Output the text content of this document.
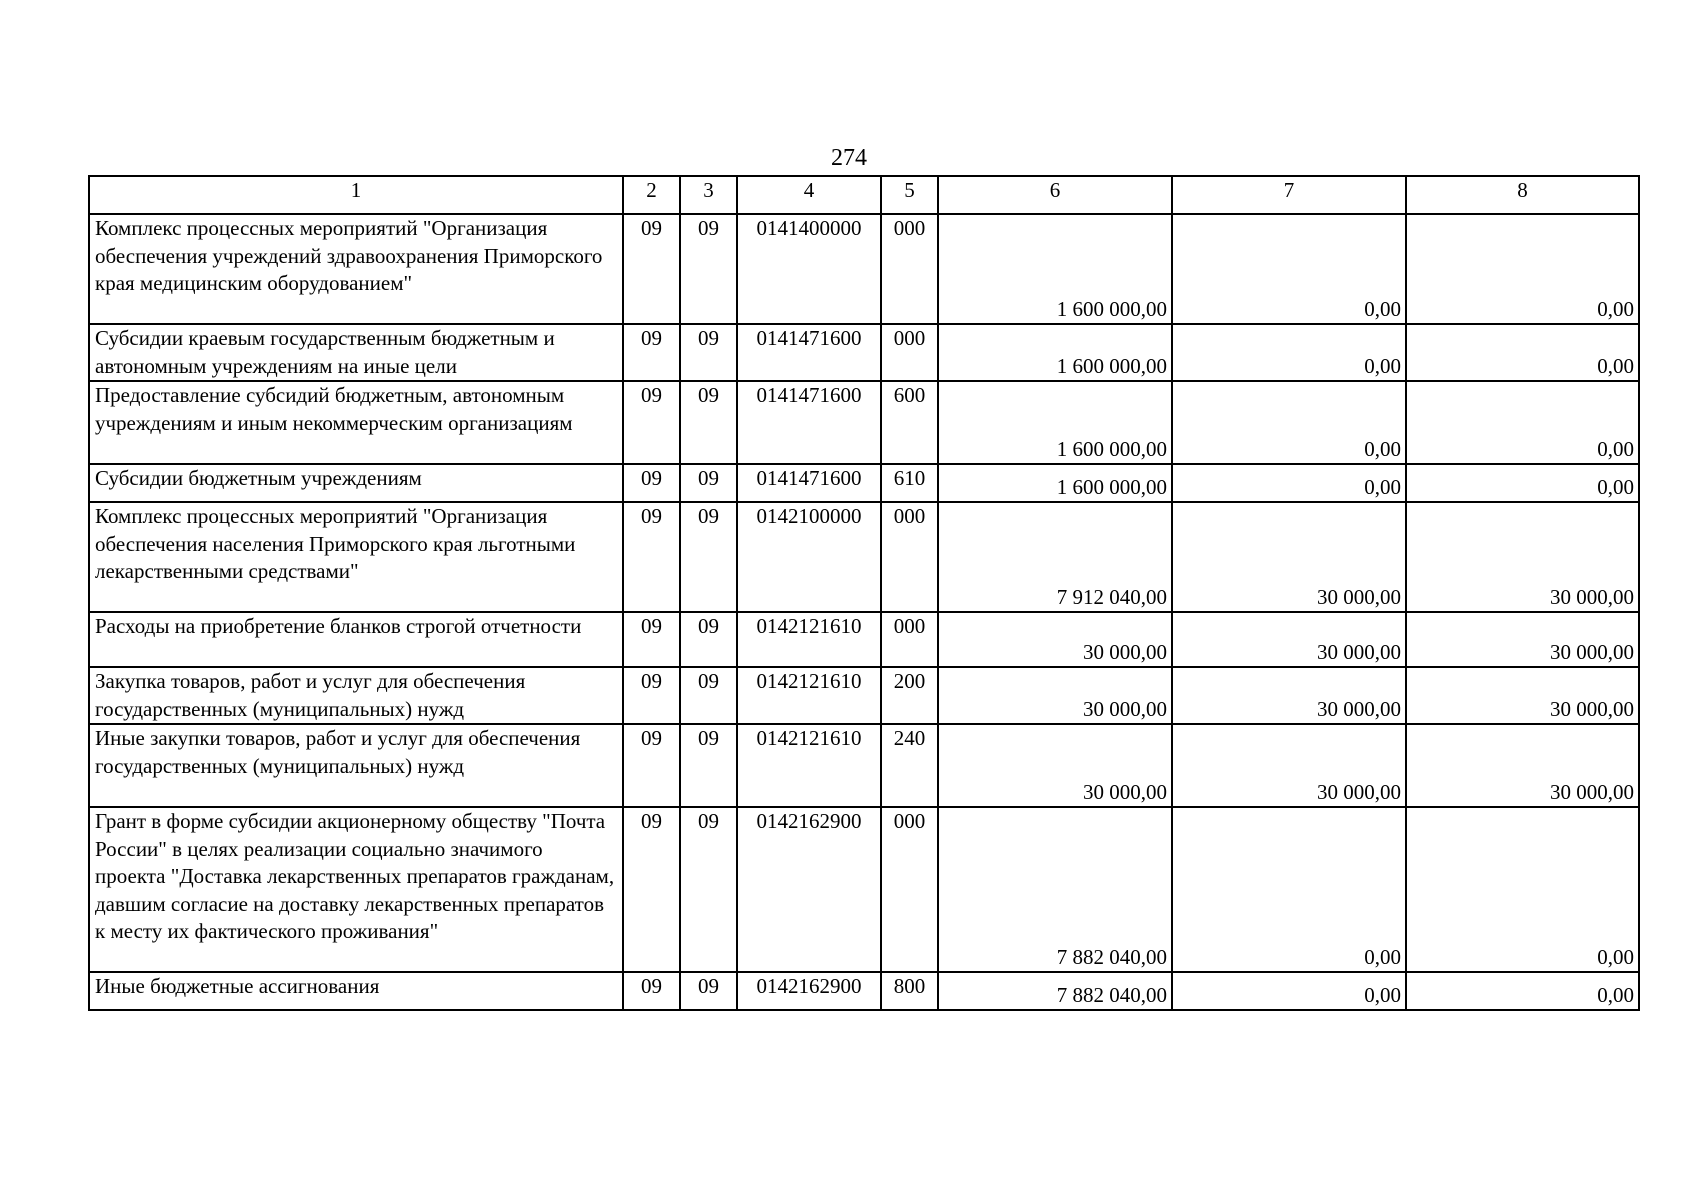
274
1	2	3	4	5	6	7	8
Комплекс процессных мероприятий "Организация обеспечения учреждений здравоохранения Приморского края медицинским оборудованием"	09	09	0141400000	000	1 600 000,00	0,00	0,00
Субсидии краевым государственным бюджетным и автономным учреждениям на иные цели	09	09	0141471600	000	1 600 000,00	0,00	0,00
Предоставление субсидий бюджетным, автономным учреждениям и иным некоммерческим организациям	09	09	0141471600	600	1 600 000,00	0,00	0,00
Субсидии бюджетным учреждениям	09	09	0141471600	610	1 600 000,00	0,00	0,00
Комплекс процессных мероприятий "Организация обеспечения населения Приморского края льготными лекарственными средствами"	09	09	0142100000	000	7 912 040,00	30 000,00	30 000,00
Расходы на приобретение бланков строгой отчетности	09	09	0142121610	000	30 000,00	30 000,00	30 000,00
Закупка товаров, работ и услуг для обеспечения государственных (муниципальных) нужд	09	09	0142121610	200	30 000,00	30 000,00	30 000,00
Иные закупки товаров, работ и услуг для обеспечения государственных (муниципальных) нужд	09	09	0142121610	240	30 000,00	30 000,00	30 000,00
Грант в форме субсидии акционерному обществу "Почта России" в целях реализации социально значимого проекта "Доставка лекарственных препаратов гражданам, давшим согласие на доставку лекарственных препаратов к месту их фактического проживания"	09	09	0142162900	000	7 882 040,00	0,00	0,00
Иные бюджетные ассигнования	09	09	0142162900	800	7 882 040,00	0,00	0,00
